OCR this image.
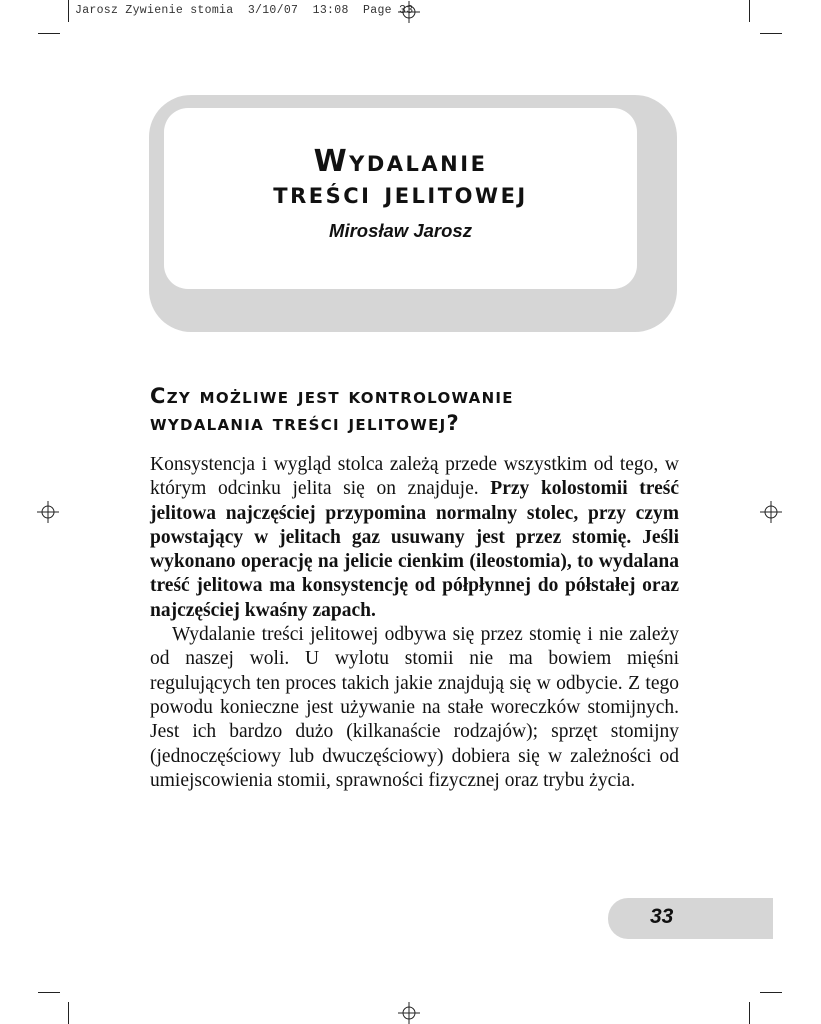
Jarosz Zywienie stomia  3/10/07  13:08  Page 33
Wydalanie
treści jelitowej
Mirosław Jarosz
Czy możliwe jest kontrolowanie
wydalania treści jelitowej?

Konsystencja i wygląd stolca zależą przede wszystkim od tego, w którym odcinku jelita się on znajduje. Przy kolostomii treść jelitowa najczęściej przypomina normalny stolec, przy czym powstający w jelitach gaz usuwany jest przez stomię. Jeśli wykonano operację na jelicie cienkim (ileostomia), to wydalana treść jelitowa ma konsystencję od półpłynnej do półstałej oraz najczęściej kwaśny zapach.

Wydalanie treści jelitowej odbywa się przez stomię i nie zależy od naszej woli. U wylotu stomii nie ma bowiem mięśni regulujących ten proces takich jakie znajdują się w odbycie. Z tego powodu konieczne jest używanie na stałe woreczków stomijnych. Jest ich bardzo dużo (kilkanaście rodzajów); sprzęt stomijny (jednoczęściowy lub dwuczęściowy) dobiera się w zależności od umiejscowienia stomii, sprawności fizycznej oraz trybu życia.

33
